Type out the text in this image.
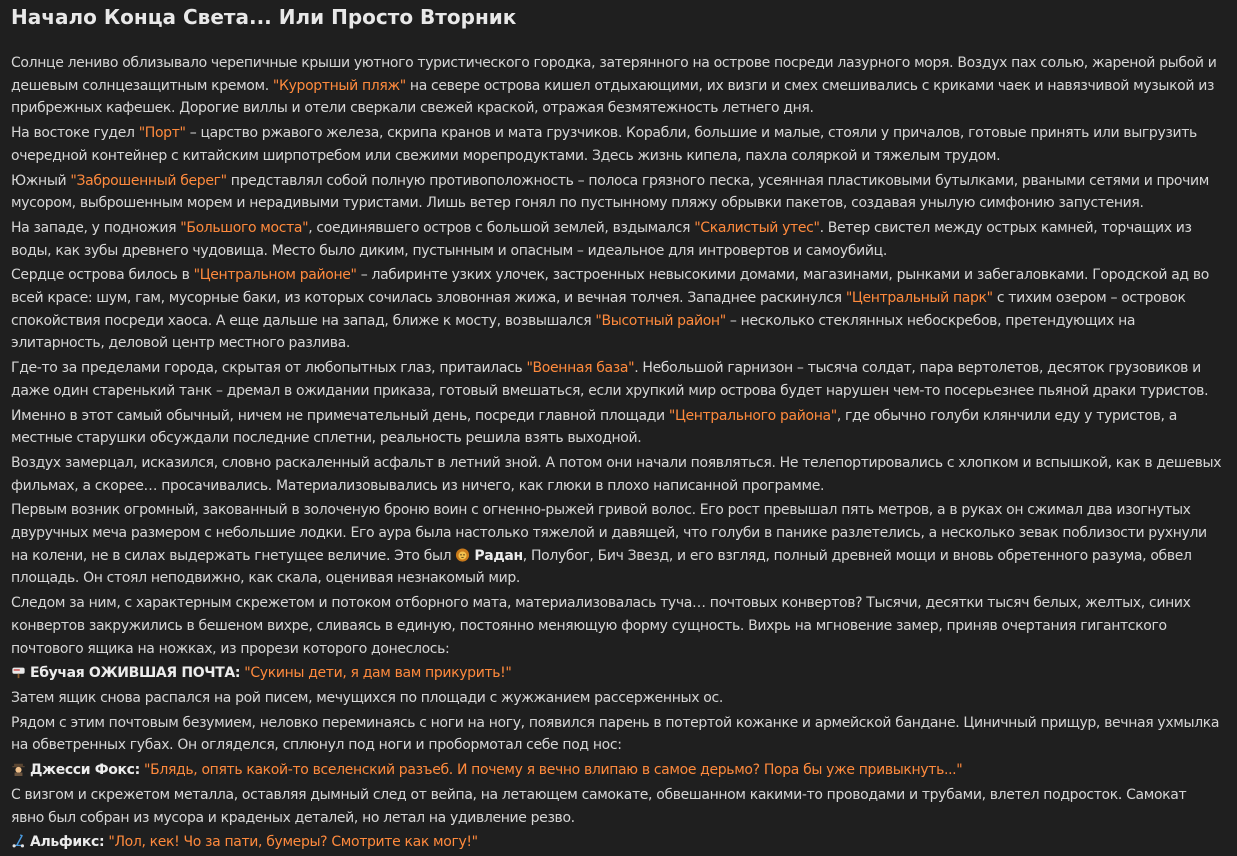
Начало Конца Света... Или Просто Вторник

Солнце лениво облизывало черепичные крыши уютного туристического городка, затерянного на острове посреди лазурного моря. Воздух пах солью, жареной рыбой и дешевым солнцезащитным кремом. "Курортный пляж" на севере острова кишел отдыхающими, их визги и смех смешивались с криками чаек и навязчивой музыкой из прибрежных кафешек. Дорогие виллы и отели сверкали свежей краской, отражая безмятежность летнего дня.

На востоке гудел "Порт" – царство ржавого железа, скрипа кранов и мата грузчиков. Корабли, большие и малые, стояли у причалов, готовые принять или выгрузить очередной контейнер с китайским ширпотребом или свежими морепродуктами. Здесь жизнь кипела, пахла соляркой и тяжелым трудом.

Южный "Заброшенный берег" представлял собой полную противоположность – полоса грязного песка, усеянная пластиковыми бутылками, рваными сетями и прочим мусором, выброшенным морем и нерадивыми туристами. Лишь ветер гонял по пустынному пляжу обрывки пакетов, создавая унылую симфонию запустения.

На западе, у подножия "Большого моста", соединявшего остров с большой землей, вздымался "Скалистый утес". Ветер свистел между острых камней, торчащих из воды, как зубы древнего чудовища. Место было диким, пустынным и опасным – идеальное для интровертов и самоубийц.

Сердце острова билось в "Центральном районе" – лабиринте узких улочек, застроенных невысокими домами, магазинами, рынками и забегаловками. Городской ад во всей красе: шум, гам, мусорные баки, из которых сочилась зловонная жижа, и вечная толчея. Западнее раскинулся "Центральный парк" с тихим озером – островок спокойствия посреди хаоса. А еще дальше на запад, ближе к мосту, возвышался "Высотный район" – несколько стеклянных небоскребов, претендующих на элитарность, деловой центр местного разлива.

Где-то за пределами города, скрытая от любопытных глаз, притаилась "Военная база". Небольшой гарнизон – тысяча солдат, пара вертолетов, десяток грузовиков и даже один старенький танк – дремал в ожидании приказа, готовый вмешаться, если хрупкий мир острова будет нарушен чем-то посерьезнее пьяной драки туристов.

Именно в этот самый обычный, ничем не примечательный день, посреди главной площади "Центрального района", где обычно голуби клянчили еду у туристов, а местные старушки обсуждали последние сплетни, реальность решила взять выходной.

Воздух замерцал, исказился, словно раскаленный асфальт в летний зной. А потом они начали появляться. Не телепортировались с хлопком и вспышкой, как в дешевых фильмах, а скорее… просачивались. Материализовывались из ничего, как глюки в плохо написанной программе.

Первым возник огромный, закованный в золоченую броню воин с огненно-рыжей гривой волос. Его рост превышал пять метров, а в руках он сжимал два изогнутых двуручных меча размером с небольшие лодки. Его аура была настолько тяжелой и давящей, что голуби в панике разлетелись, а несколько зевак поблизости рухнули на колени, не в силах выдержать гнетущее величие. Это был Радан, Полубог, Бич Звезд, и его взгляд, полный древней мощи и вновь обретенного разума, обвел площадь. Он стоял неподвижно, как скала, оценивая незнакомый мир.

Следом за ним, с характерным скрежетом и потоком отборного мата, материализовалась туча… почтовых конвертов? Тысячи, десятки тысяч белых, желтых, синих конвертов закружились в бешеном вихре, сливаясь в единую, постоянно меняющую форму сущность. Вихрь на мгновение замер, приняв очертания гигантского почтового ящика на ножках, из прорези которого донеслось:

Ебучая ОЖИВШАЯ ПОЧТА: "Сукины дети, я дам вам прикурить!"

Затем ящик снова распался на рой писем, мечущихся по площади с жужжанием рассерженных ос.

Рядом с этим почтовым безумием, неловко переминаясь с ноги на ногу, появился парень в потертой кожанке и армейской бандане. Циничный прищур, вечная ухмылка на обветренных губах. Он огляделся, сплюнул под ноги и пробормотал себе под нос:

Джесси Фокс: "Блядь, опять какой-то вселенский разъеб. И почему я вечно влипаю в самое дерьмо? Пора бы уже привыкнуть..."

С визгом и скрежетом металла, оставляя дымный след от вейпа, на летающем самокате, обвешанном какими-то проводами и трубами, влетел подросток. Самокат явно был собран из мусора и краденых деталей, но летал на удивление резво.

Альфикс: "Лол, кек! Чо за пати, бумеры? Смотрите как могу!"
